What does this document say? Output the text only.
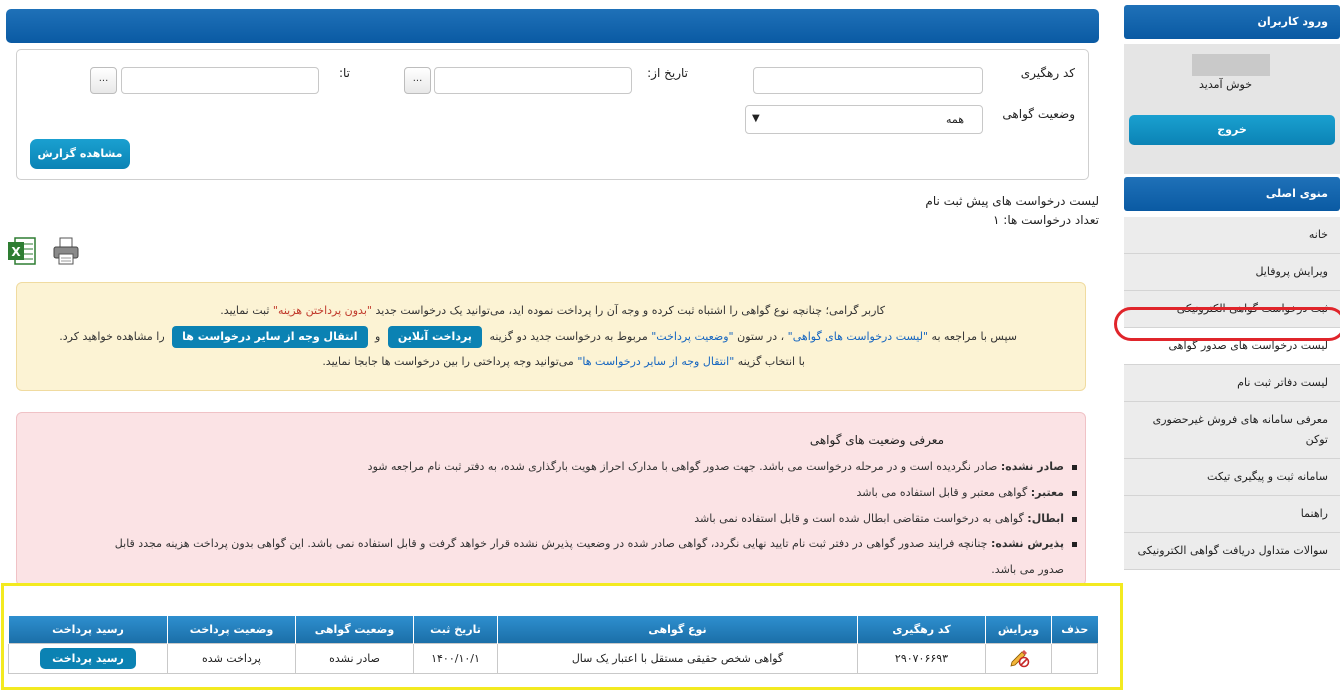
کد رهگیری
تاریخ از:
...
تا:
...
وضعیت گواهی
همه
▼
مشاهده گزارش
لیست درخواست های پیش ثبت نام
تعداد درخواست ها: ۱
X
کاربر گرامی؛ چنانچه نوع گواهی را اشتباه ثبت کرده و وجه آن را پرداخت نموده اید، می‌توانید یک درخواست جدید "بدون پرداختن هزینه" ثبت نمایید.
سپس با مراجعه به "لیست درخواست های گواهی" ، در ستون "وضعیت پرداخت" مربوط به درخواست جدید دو گزینه پرداخت آنلاین و انتقال وجه از سایر درخواست ها را مشاهده خواهید کرد.
با انتخاب گزینه "انتقال وجه از سایر درخواست ها" می‌توانید وجه پرداختی را بین درخواست ها جابجا نمایید.
معرفی وضعیت های گواهی
صادر نشده: صادر نگردیده است و در مرحله درخواست می باشد. جهت صدور گواهی با مدارک احراز هویت بارگذاری شده، به دفتر ثبت نام مراجعه شود
معتبر: گواهی معتبر و قابل استفاده می باشد
ابطال: گواهی به درخواست متقاضی ابطال شده است و قابل استفاده نمی باشد
پذیرش نشده: چنانچه فرایند صدور گواهی در دفتر ثبت نام تایید نهایی نگردد، گواهی صادر شده در وضعیت پذیرش نشده قرار خواهد گرفت و قابل استفاده نمی باشد. این گواهی بدون پرداخت هزینه مجدد قابل
صدور می باشد.
حذف	ویرایش	کد رهگیری	نوع گواهی	تاریخ ثبت	وضعیت گواهی	وضعیت پرداخت	رسید پرداخت
		۲۹۰۷۰۶۶۹۳	گواهی شخص حقیقی مستقل با اعتبار یک سال	۱۴۰۰/۱۰/۱	صادر نشده	پرداخت شده	رسید پرداخت
ورود کاربران
خوش آمدید
خروج
منوی اصلی
خانه
ویرایش پروفایل
ثبت درخواست گواهی الکترونیکی
لیست درخواست های صدور گواهی
لیست دفاتر ثبت نام
معرفی سامانه های فروش غیرحضوری توکن
سامانه ثبت و پیگیری تیکت
راهنما
سوالات متداول دریافت گواهی الکترونیکی
